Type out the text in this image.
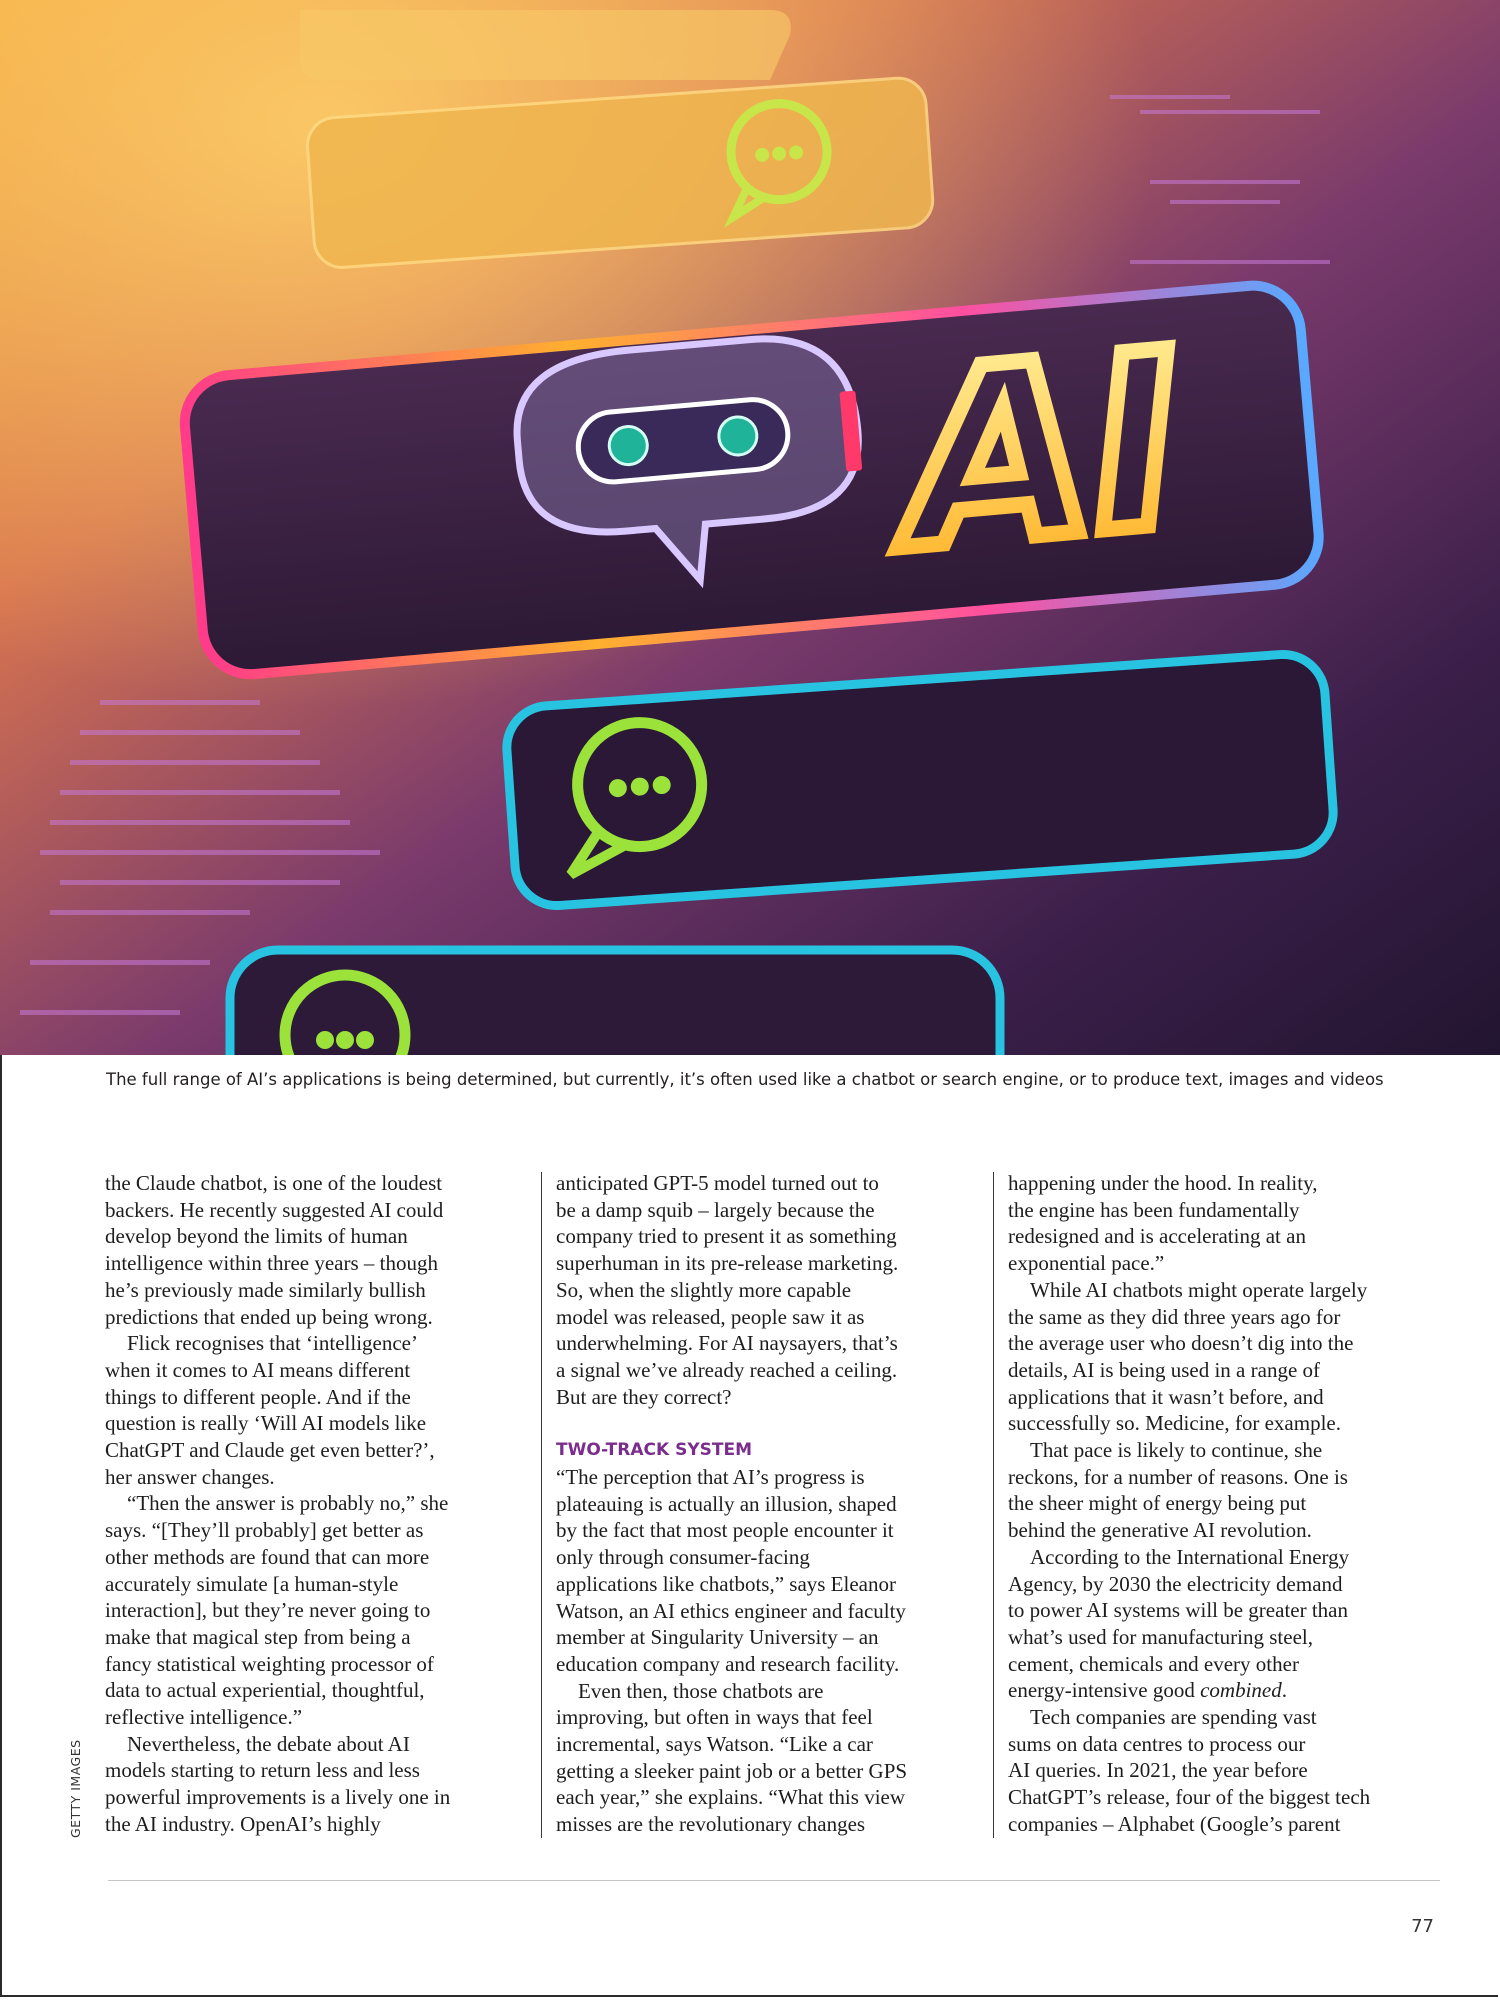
AI
The full range of AI’s applications is being determined, but currently, it’s often used like a chatbot or search engine, or to produce text, images and videos
GETTY IMAGES

the Claude chatbot, is one of the loudest
backers. He recently suggested AI could
develop beyond the limits of human
intelligence within three years – though
he’s previously made similarly bullish
predictions that ended up being wrong.

Flick recognises that ‘intelligence’
when it comes to AI means different
things to different people. And if the
question is really ‘Will AI models like
ChatGPT and Claude get even better?’,
her answer changes.

“Then the answer is probably no,” she
says. “[They’ll probably] get better as
other methods are found that can more
accurately simulate [a human-style
interaction], but they’re never going to
make that magical step from being a
fancy statistical weighting processor of
data to actual experiential, thoughtful,
reflective intelligence.”

Nevertheless, the debate about AI
models starting to return less and less
powerful improvements is a lively one in
the AI industry. OpenAI’s highly

anticipated GPT-5 model turned out to
be a damp squib – largely because the
company tried to present it as something
superhuman in its pre-release marketing.
So, when the slightly more capable
model was released, people saw it as
underwhelming. For AI naysayers, that’s
a signal we’ve already reached a ceiling.
But are they correct?

TWO-TRACK SYSTEM

“The perception that AI’s progress is
plateauing is actually an illusion, shaped
by the fact that most people encounter it
only through consumer-facing
applications like chatbots,” says Eleanor
Watson, an AI ethics engineer and faculty
member at Singularity University – an
education company and research facility.

Even then, those chatbots are
improving, but often in ways that feel
incremental, says Watson. “Like a car
getting a sleeker paint job or a better GPS
each year,” she explains. “What this view
misses are the revolutionary changes

happening under the hood. In reality,
the engine has been fundamentally
redesigned and is accelerating at an
exponential pace.”

While AI chatbots might operate largely
the same as they did three years ago for
the average user who doesn’t dig into the
details, AI is being used in a range of
applications that it wasn’t before, and
successfully so. Medicine, for example.

That pace is likely to continue, she
reckons, for a number of reasons. One is
the sheer might of energy being put
behind the generative AI revolution.

According to the International Energy
Agency, by 2030 the electricity demand
to power AI systems will be greater than
what’s used for manufacturing steel,
cement, chemicals and every other
energy-intensive good combined.

Tech companies are spending vast
sums on data centres to process our
AI queries. In 2021, the year before
ChatGPT’s release, four of the biggest tech
companies – Alphabet (Google’s parent

77
